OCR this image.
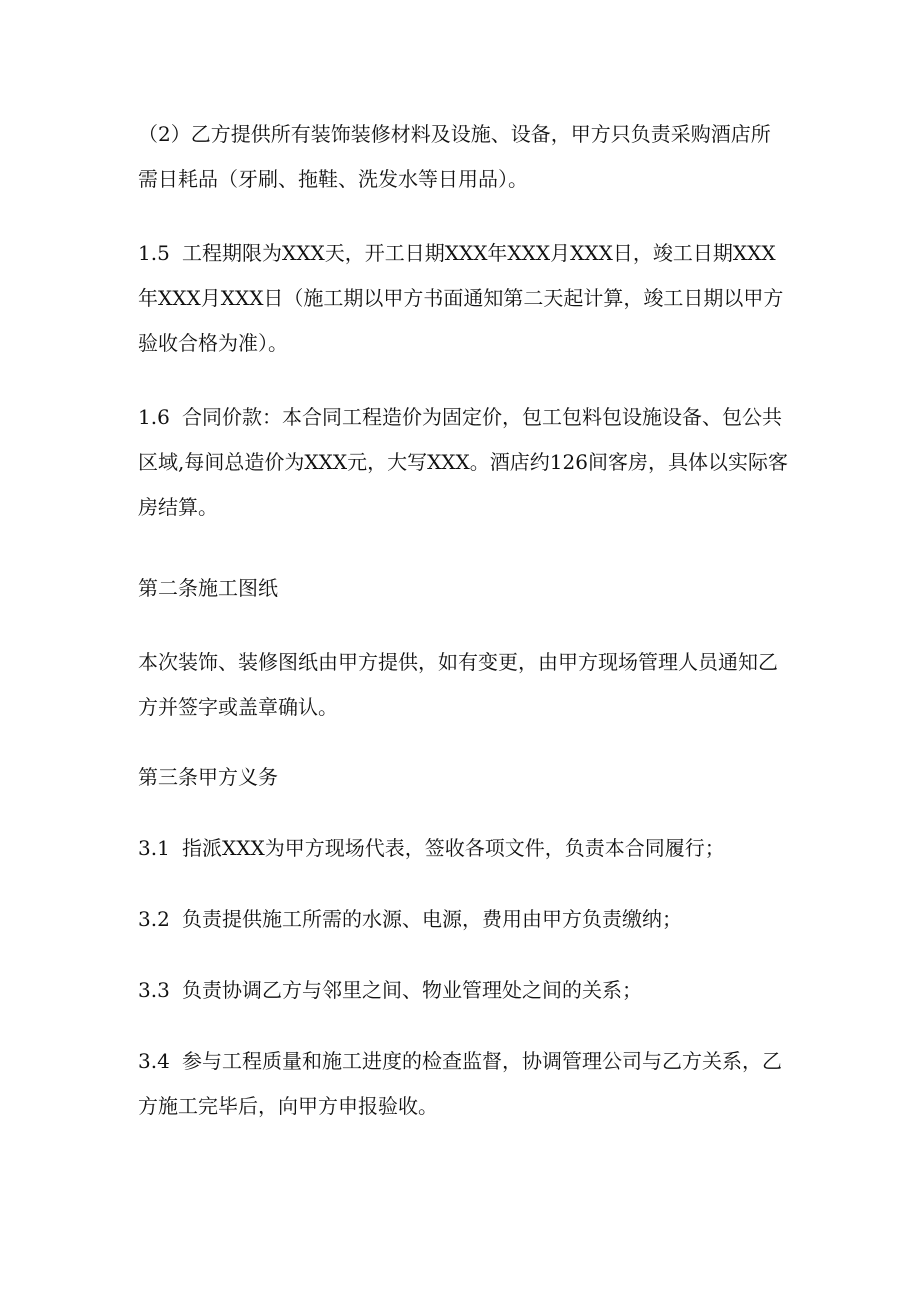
（2）乙方提供所有装饰装修材料及设施、设备，甲方只负责采购酒店所需日耗品（牙刷、拖鞋、洗发水等日用品）。

1.5 工程期限为XXX天，开工日期XXX年XXX月XXX日，竣工日期XXX年XXX月XXX日（施工期以甲方书面通知第二天起计算，竣工日期以甲方验收合格为准）。

1.6 合同价款：本合同工程造价为固定价，包工包料包设施设备、包公共区域,每间总造价为XXX元，大写XXX。酒店约126间客房，具体以实际客房结算。

第二条施工图纸

本次装饰、装修图纸由甲方提供，如有变更，由甲方现场管理人员通知乙方并签字或盖章确认。

第三条甲方义务

3.1 指派XXX为甲方现场代表，签收各项文件，负责本合同履行；

3.2 负责提供施工所需的水源、电源，费用由甲方负责缴纳；

3.3 负责协调乙方与邻里之间、物业管理处之间的关系；

3.4 参与工程质量和施工进度的检查监督，协调管理公司与乙方关系，乙方施工完毕后，向甲方申报验收。
